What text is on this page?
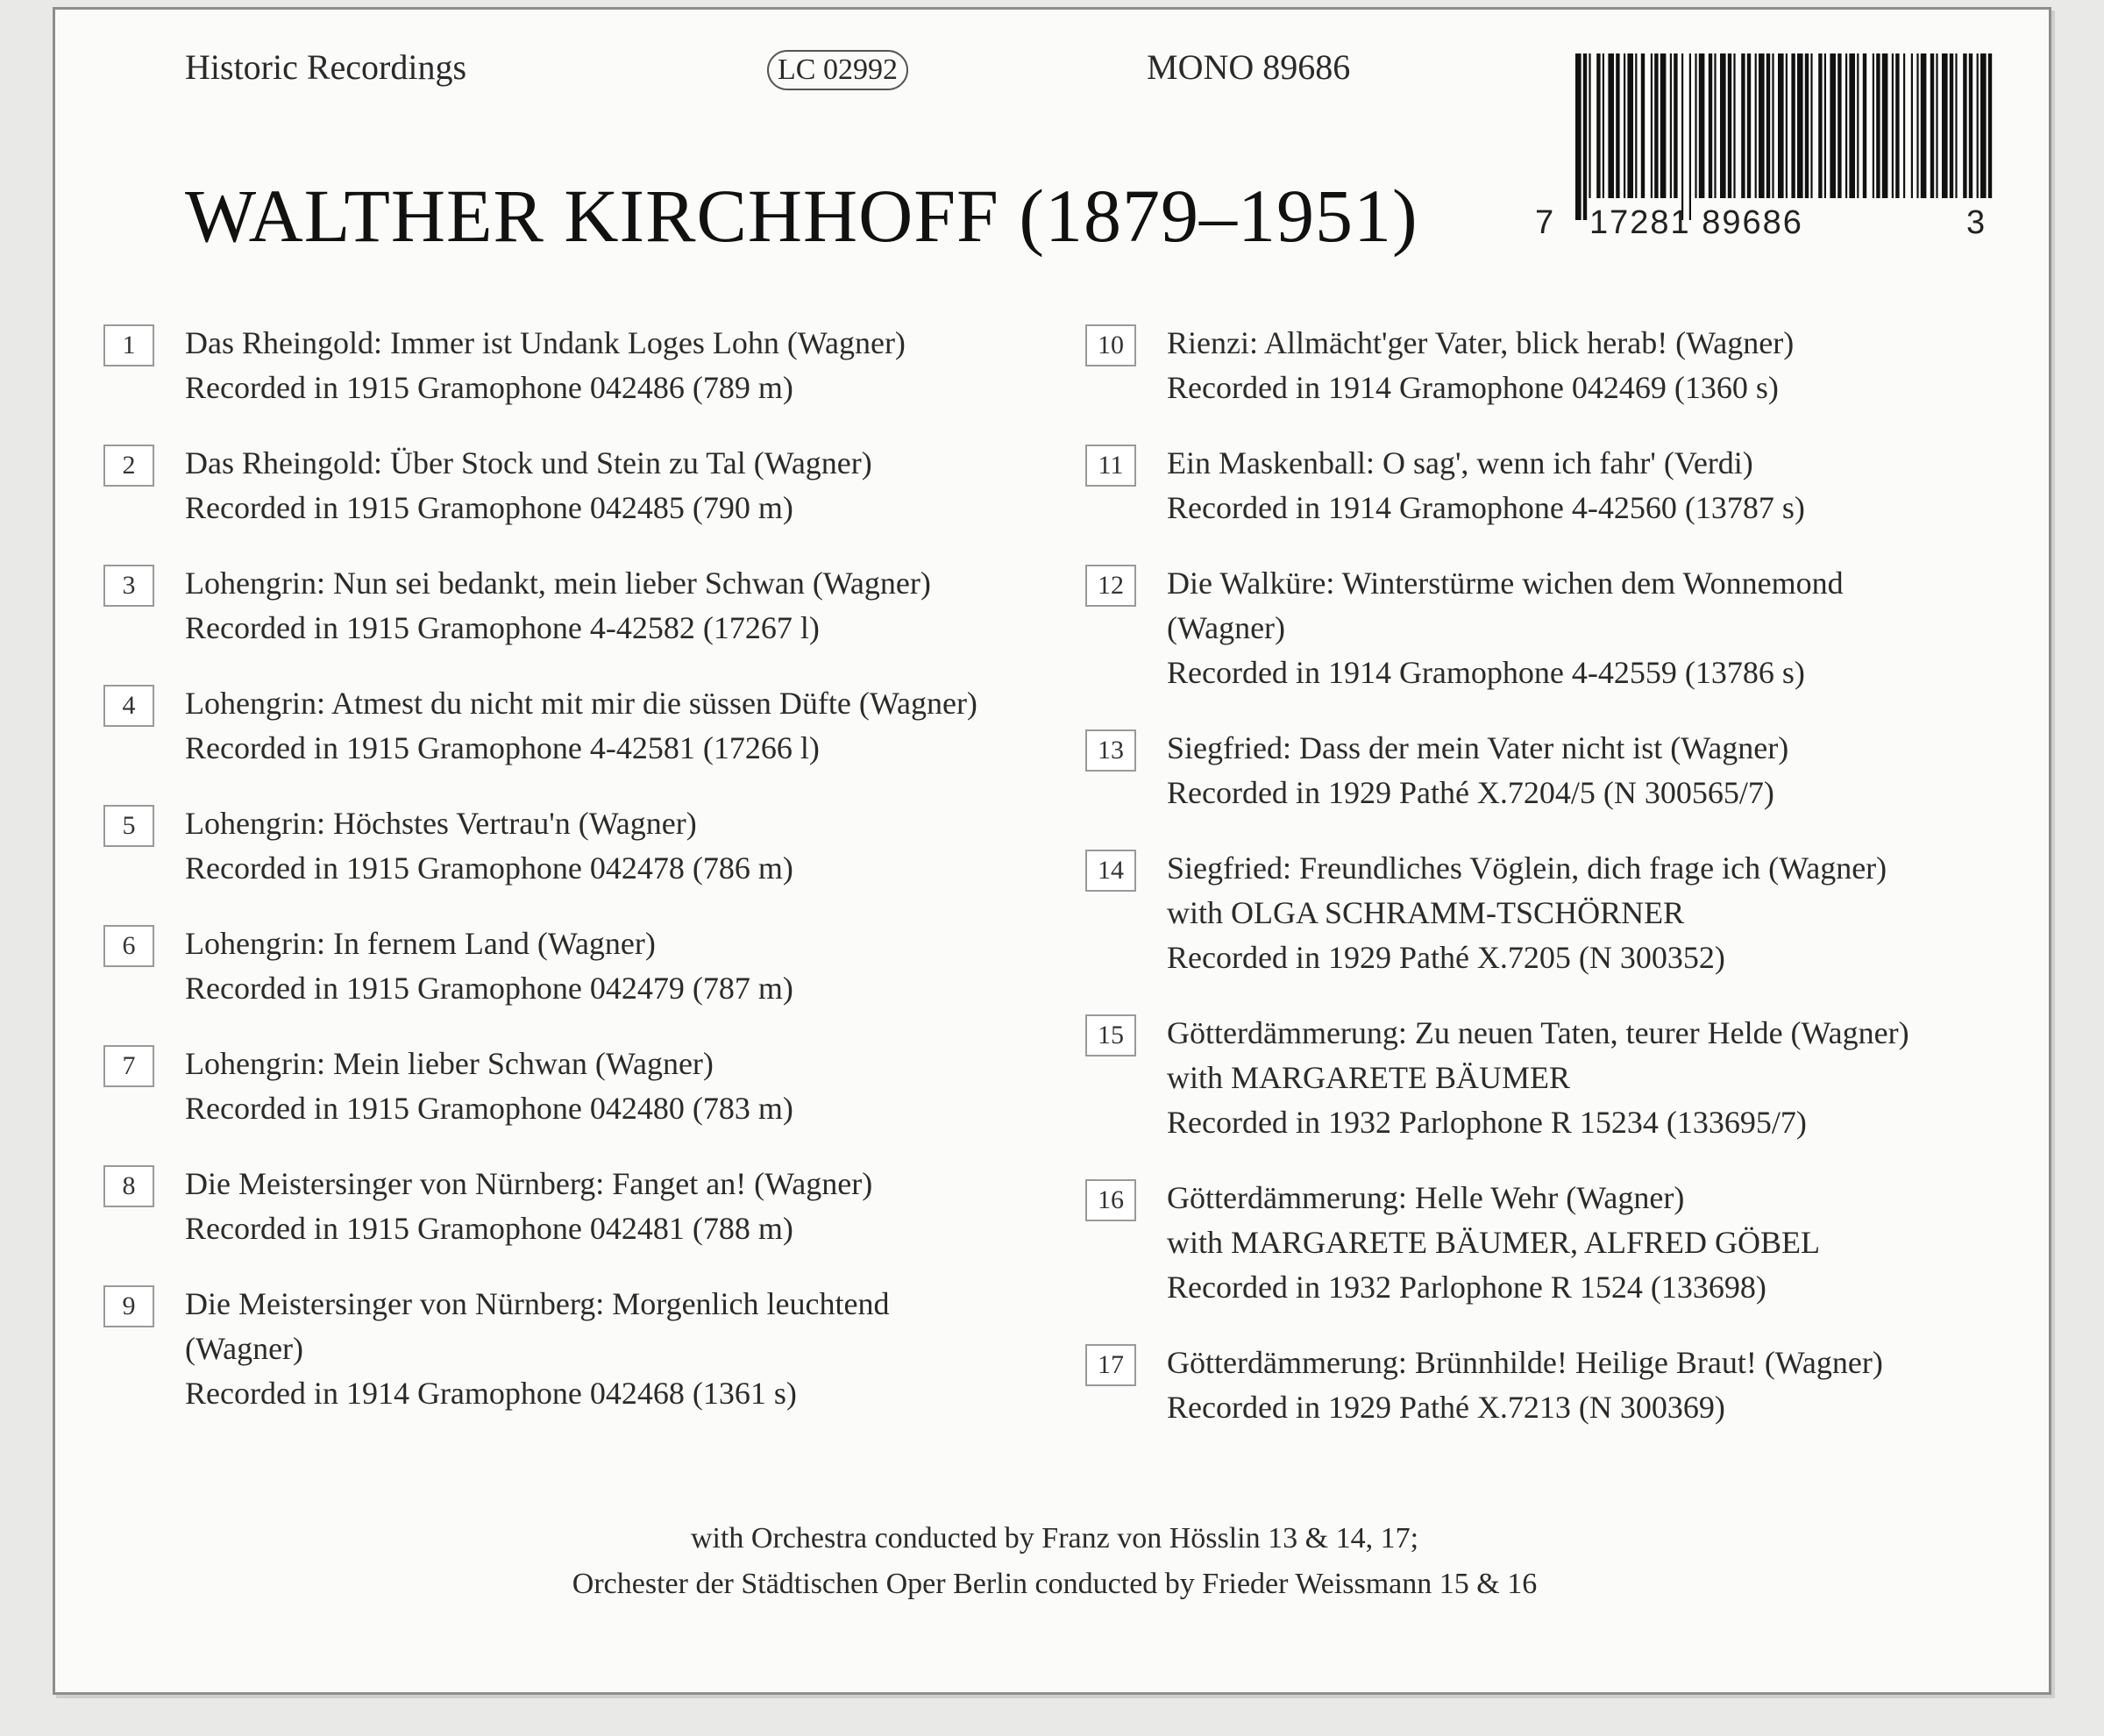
Historic Recordings	LC 02992	MONO 89686
WALTHER KIRCHHOFF (1879–1951)	7 17281 89686	3
1	Das Rheingold: Immer ist Undank Loges Lohn (Wagner)
Recorded in 1915 Gramophone 042486 (789 m)
2	Das Rheingold: Über Stock und Stein zu Tal (Wagner)
Recorded in 1915 Gramophone 042485 (790 m)
3	Lohengrin: Nun sei bedankt, mein lieber Schwan (Wagner)
Recorded in 1915 Gramophone 4-42582 (17267 l)
4	Lohengrin: Atmest du nicht mit mir die süssen Düfte (Wagner)
Recorded in 1915 Gramophone 4-42581 (17266 l)
5	Lohengrin: Höchstes Vertrau'n (Wagner)
Recorded in 1915 Gramophone 042478 (786 m)
6	Lohengrin: In fernem Land (Wagner)
Recorded in 1915 Gramophone 042479 (787 m)
7	Lohengrin: Mein lieber Schwan (Wagner)
Recorded in 1915 Gramophone 042480 (783 m)
8	Die Meistersinger von Nürnberg: Fanget an! (Wagner)
Recorded in 1915 Gramophone 042481 (788 m)
9	Die Meistersinger von Nürnberg: Morgenlich leuchtend
(Wagner)
Recorded in 1914 Gramophone 042468 (1361 s)
10	Rienzi: Allmächt'ger Vater, blick herab! (Wagner)
Recorded in 1914 Gramophone 042469 (1360 s)
11	Ein Maskenball: O sag', wenn ich fahr' (Verdi)
Recorded in 1914 Gramophone 4-42560 (13787 s)
12	Die Walküre: Winterstürme wichen dem Wonnemond
(Wagner)
Recorded in 1914 Gramophone 4-42559 (13786 s)
13	Siegfried: Dass der mein Vater nicht ist (Wagner)
Recorded in 1929 Pathé X.7204/5 (N 300565/7)
14	Siegfried: Freundliches Vöglein, dich frage ich (Wagner)
with OLGA SCHRAMM-TSCHÖRNER
Recorded in 1929 Pathé X.7205 (N 300352)
15	Götterdämmerung: Zu neuen Taten, teurer Helde (Wagner)
with MARGARETE BÄUMER
Recorded in 1932 Parlophone R 15234 (133695/7)
16	Götterdämmerung: Helle Wehr (Wagner)
with MARGARETE BÄUMER, ALFRED GÖBEL
Recorded in 1932 Parlophone R 1524 (133698)
17	Götterdämmerung: Brünnhilde! Heilige Braut! (Wagner)
Recorded in 1929 Pathé X.7213 (N 300369)
with Orchestra conducted by Franz von Hösslin 13 & 14, 17;
Orchester der Städtischen Oper Berlin conducted by Frieder Weissmann 15 & 16
